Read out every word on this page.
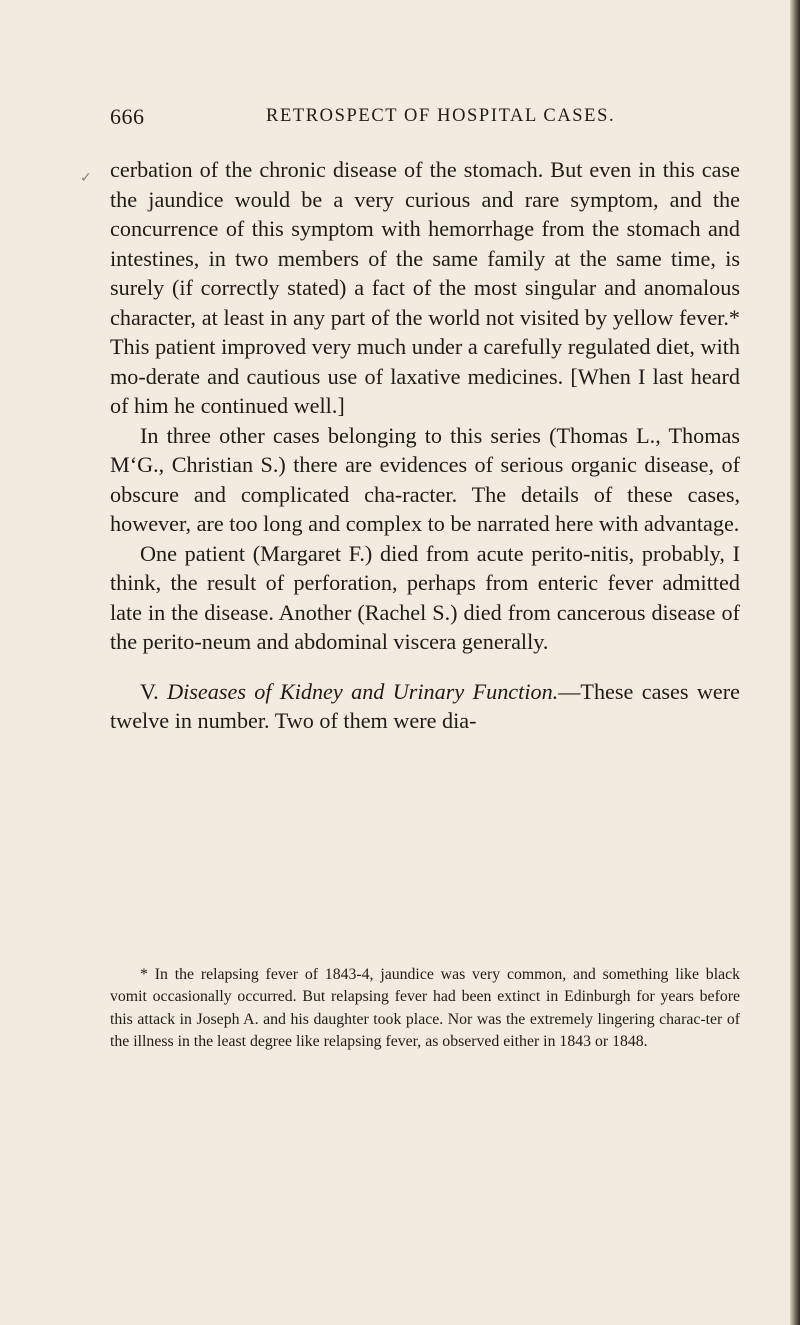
✓
666	RETROSPECT OF HOSPITAL CASES.

cerbation of the chronic disease of the stomach. But even in this case the jaundice would be a very curious and rare symptom, and the concurrence of this symptom with hemorrhage from the stomach and intestines, in two members of the same family at the same time, is surely (if correctly stated) a fact of the most singular and anomalous character, at least in any part of the world not visited by yellow fever.* This patient improved very much under a carefully regulated diet, with mo-derate and cautious use of laxative medicines. [When I last heard of him he continued well.]

In three other cases belonging to this series (Thomas L., Thomas M‘G., Christian S.) there are evidences of serious organic disease, of obscure and complicated cha-racter. The details of these cases, however, are too long and complex to be narrated here with advantage.

One patient (Margaret F.) died from acute perito-nitis, probably, I think, the result of perforation, perhaps from enteric fever admitted late in the disease. Another (Rachel S.) died from cancerous disease of the perito-neum and abdominal viscera generally.

V. Diseases of Kidney and Urinary Function.—These cases were twelve in number. Two of them were dia-

* In the relapsing fever of 1843-4, jaundice was very common, and something like black vomit occasionally occurred. But relapsing fever had been extinct in Edinburgh for years before this attack in Joseph A. and his daughter took place. Nor was the extremely lingering charac-ter of the illness in the least degree like relapsing fever, as observed either in 1843 or 1848.
